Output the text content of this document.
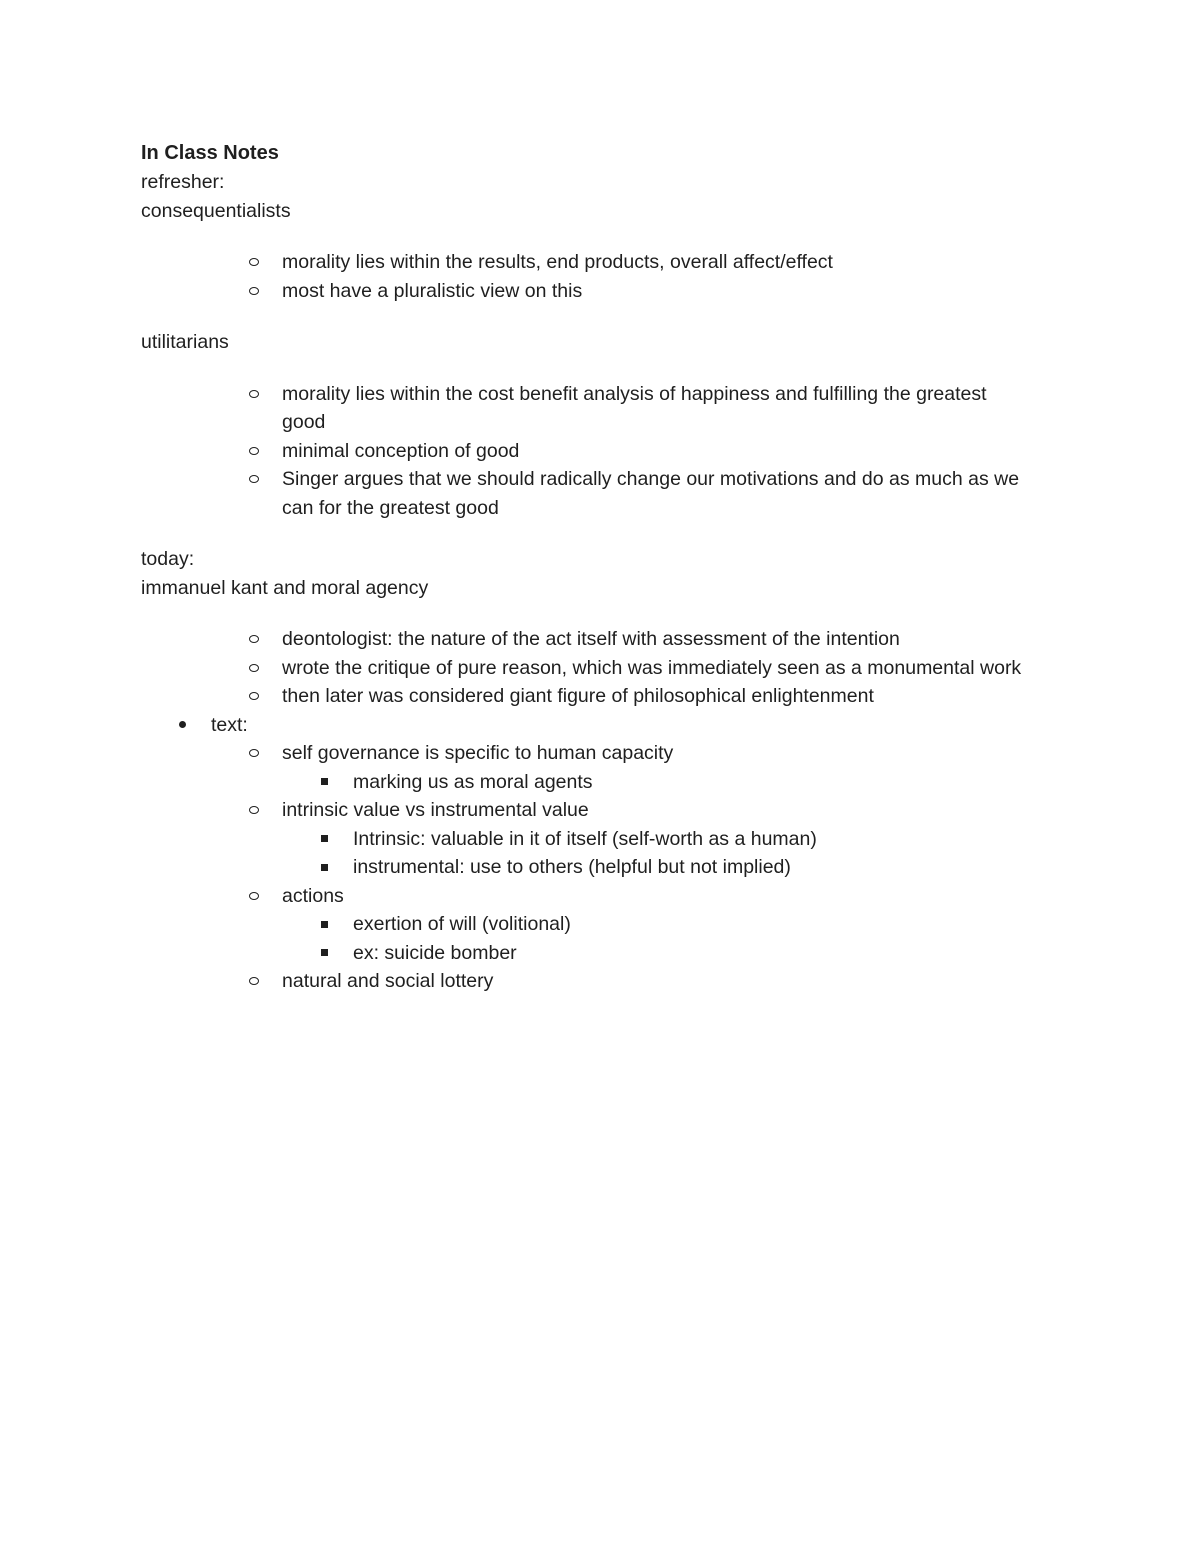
In Class Notes
refresher:
consequentialists
morality lies within the results, end products, overall affect/effect
most have a pluralistic view on this
utilitarians
morality lies within the cost benefit analysis of happiness and fulfilling the greatest good
minimal conception of good
Singer argues that we should radically change our motivations and do as much as we can for the greatest good
today:
immanuel kant and moral agency
deontologist: the nature of the act itself with assessment of the intention
wrote the critique of pure reason, which was immediately seen as a monumental work
then later was considered giant figure of philosophical enlightenment
text:
self governance is specific to human capacity
marking us as moral agents
intrinsic value vs instrumental value
Intrinsic: valuable in it of itself (self-worth as a human)
instrumental: use to others (helpful but not implied)
actions
exertion of will (volitional)
ex: suicide bomber
natural and social lottery
